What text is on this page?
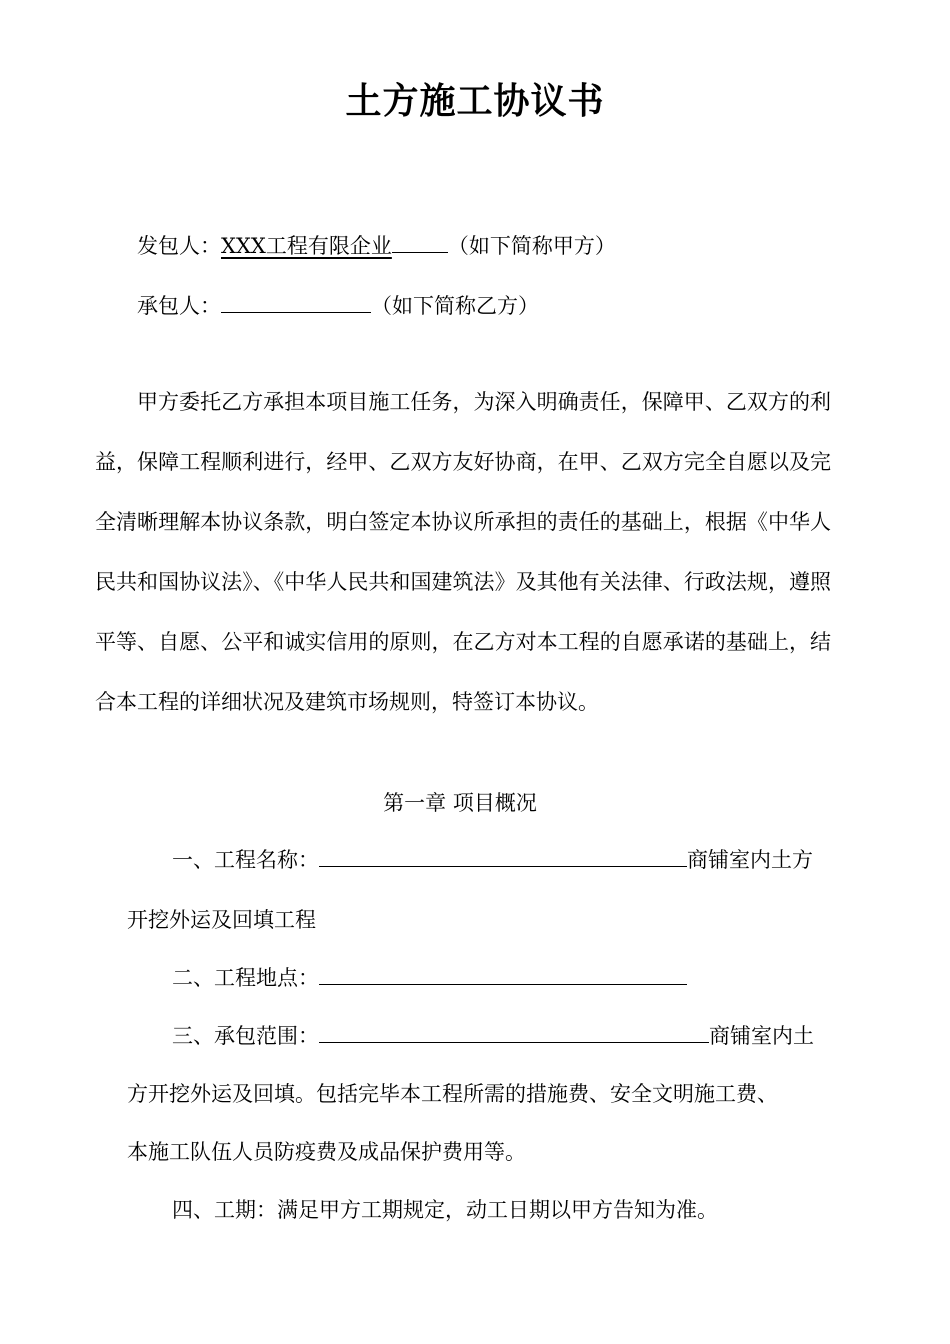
土方施工协议书
发包人：XXX工程有限企业	（如下简称甲方）
承包人：	（如下简称乙方）
甲方委托乙方承担本项目施工任务，为深入明确责任，保障甲、乙双方的利益，保障工程顺利进行，经甲、乙双方友好协商，在甲、乙双方完全自愿以及完全清晰理解本协议条款，明白签定本协议所承担的责任的基础上，根据《中华人民共和国协议法》、《中华人民共和国建筑法》及其他有关法律、行政法规，遵照平等、自愿、公平和诚实信用的原则，在乙方对本工程的自愿承诺的基础上，结合本工程的详细状况及建筑市场规则，特签订本协议。
第一章 项目概况
一、工程名称：	商铺室内土方
开挖外运及回填工程
二、工程地点：
三、承包范围：	商铺室内土
方开挖外运及回填。包括完毕本工程所需的措施费、安全文明施工费、
本施工队伍人员防疫费及成品保护费用等。
四、工期：满足甲方工期规定，动工日期以甲方告知为准。
